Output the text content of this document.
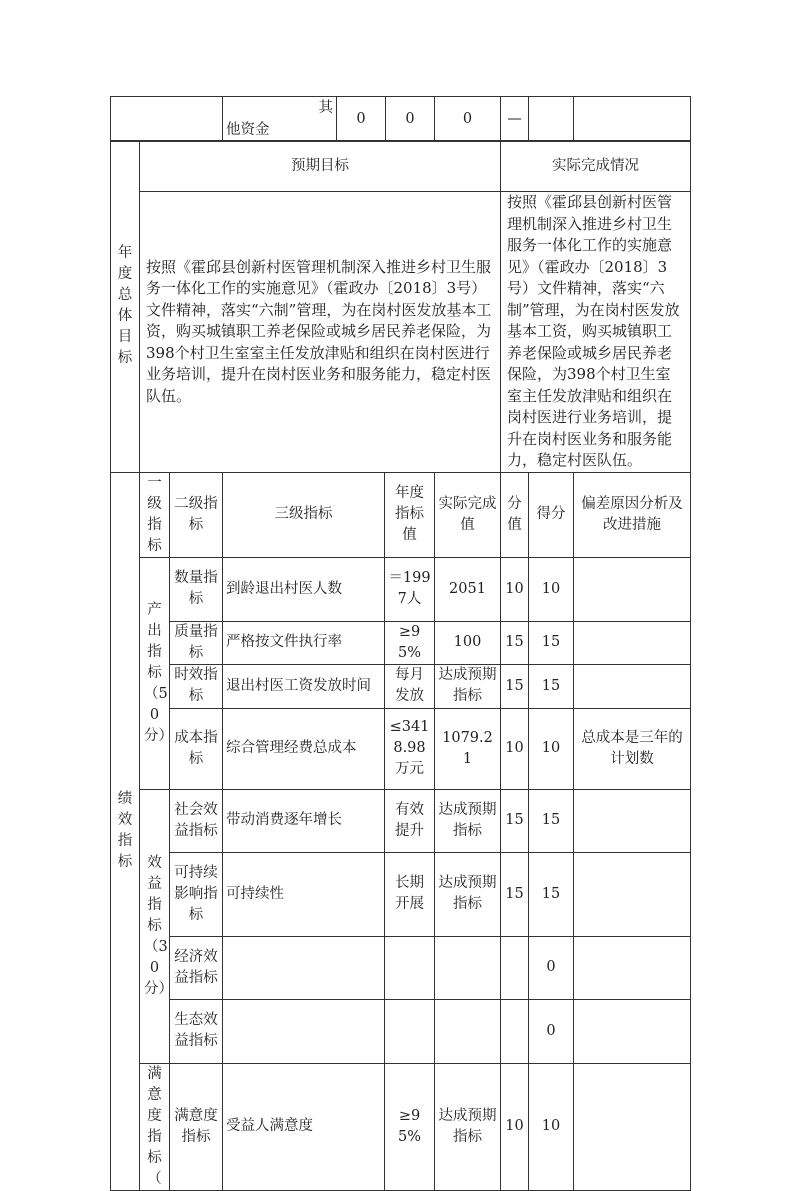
其
他资金
	0	0	0	—		
年度总体目标	预期目标					实际完成情况		
	按照《霍邱县创新村医管理机制深入推进乡村卫生服务一体化工作的实施意见》（霍政办〔2018〕3号）文件精神，落实“六制”管理，为在岗村医发放基本工资，购买城镇职工养老保险或城乡居民养老保险，为398个村卫生室室主任发放津贴和组织在岗村医进行业务培训，提升在岗村医业务和服务能力，稳定村医队伍。					按照《霍邱县创新村医管理机制深入推进乡村卫生服务一体化工作的实施意见》（霍政办〔2018〕3号）文件精神，落实“六制”管理，为在岗村医发放基本工资，购买城镇职工养老保险或城乡居民养老保险，为398个村卫生室室主任发放津贴和组织在岗村医进行业务培训，提升在岗村医业务和服务能力，稳定村医队伍。		
绩效指标	一级指标	二级指标	三级指标	年度指标值	实际完成值	分值	得分	偏差原因分析及改进措施
	产出指标（50分）	数量指标	到龄退出村医人数	＝1997人	2051	10	10	
		质量指标	严格按文件执行率	≥95%	100	15	15	
		时效指标	退出村医工资发放时间	每月发放	达成预期指标	15	15	
		成本指标	综合管理经费总成本	≤3418.98万元	1079.21	10	10	总成本是三年的计划数
	效益指标（30分）	社会效益指标	带动消费逐年增长	有效提升	达成预期指标	15	15	
		可持续影响指标	可持续性	长期开展	达成预期指标	15	15	
		经济效益指标					0	
		生态效益指标					0	
	满意度指标（	满意度指标	受益人满意度	≥95%	达成预期指标	10	10	
